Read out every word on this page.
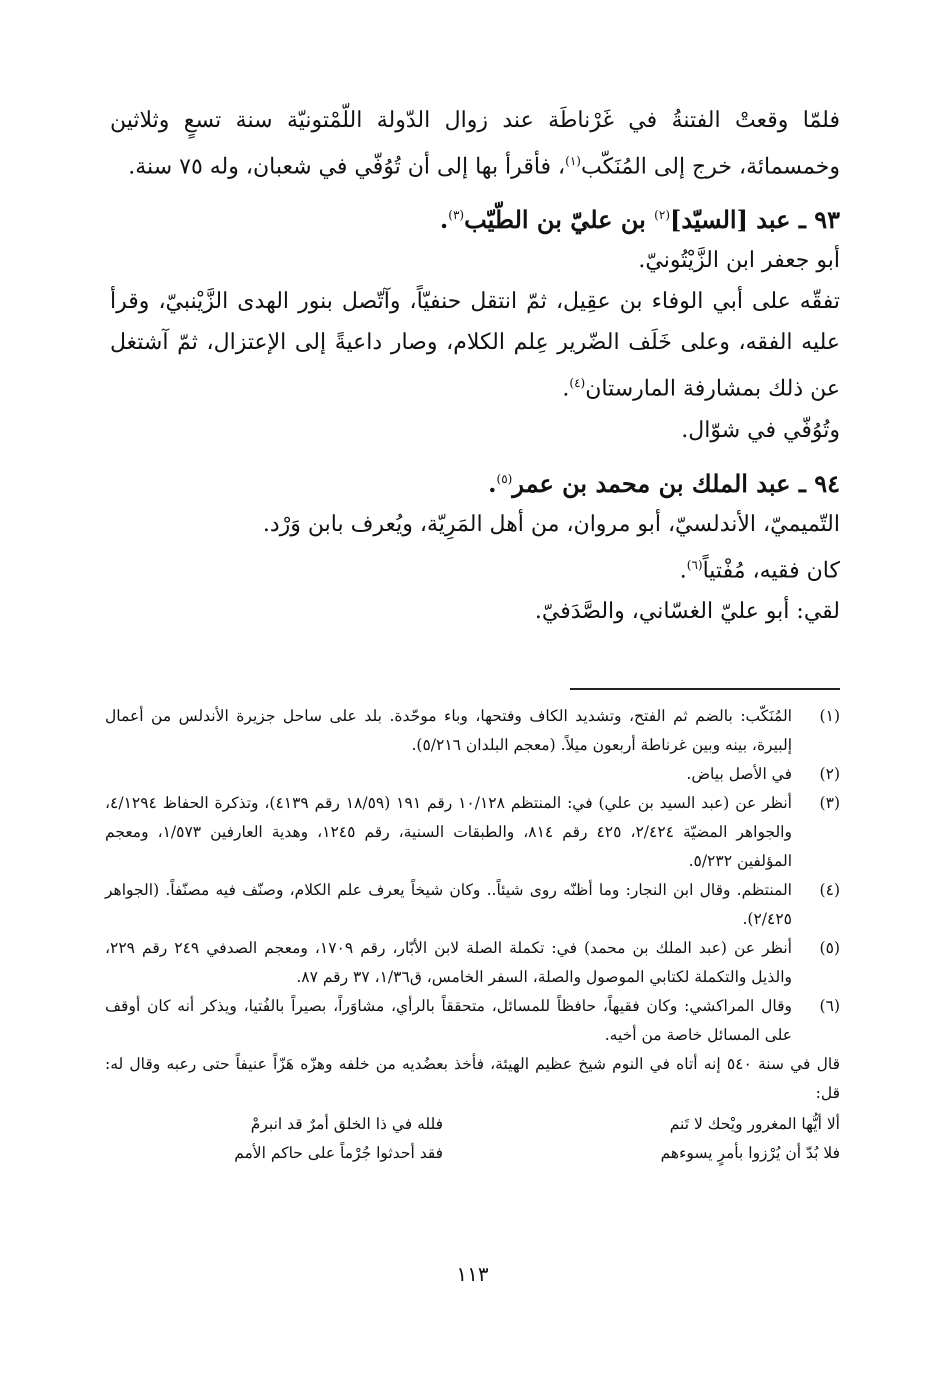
فلمّا وقعتْ الفتنةُ في غَرْناطَة عند زوال الدّولة اللّمْتونيّة سنة تسعٍ وثلاثين وخمسمائة، خرج إلى المُنَكّب$^{(١)}$، فأقرأ بها إلى أن تُوُفّي في شعبان، وله ٧٥ سنة.

٩٣ ـ عبد [السيّد]$^{(٢)}$ بن عليّ بن الطّيّب$^{(٣)}$.

أبو جعفر ابن الزَّيْتُونيّ.

تفقّه على أبي الوفاء بن عقِيل، ثمّ انتقل حنفيّاً، وآتّصل بنور الهدى الزَّيْنبيّ، وقرأ عليه الفقه، وعلى خَلَف الضّرير عِلم الكلام، وصار داعيةً إلى الإعتزال، ثمّ آشتغل عن ذلك بمشارفة المارستان$^{(٤)}$.

وتُوُفّي في شوّال.

٩٤ ـ عبد الملك بن محمد بن عمر$^{(٥)}$.

التّميميّ، الأندلسيّ، أبو مروان، من أهل المَرِيّة، ويُعرف بابن وَرْد.

كان فقيه، مُفْتياً$^{(٦)}$.

لقي: أبو عليّ الغسّاني، والصَّدَفيّ.

(١)
المُنَكّب: بالضم ثم الفتح، وتشديد الكاف وفتحها، وباء موحّدة. بلد على ساحل جزيرة الأندلس من أعمال إلبيرة، بينه وبين غرناطة أربعون ميلاً. (معجم البلدان ٥/٢١٦).
(٢)
في الأصل بياض.
(٣)
أنظر عن (عبد السيد بن علي) في: المنتظم ١٠/١٢٨ رقم ١٩١ (١٨/٥٩ رقم ٤١٣٩)، وتذكرة الحفاظ ٤/١٢٩٤، والجواهر المضيّة ٢/٤٢٤، ٤٢٥ رقم ٨١٤، والطبقات السنية، رقم ١٢٤٥، وهدية العارفين ١/٥٧٣، ومعجم المؤلفين ٥/٢٣٢.
(٤)
المنتظم. وقال ابن النجار: وما أظنّه روى شيئاً.. وكان شيخاً يعرف علم الكلام، وصنّف فيه مصنّفاً. (الجواهر ٢/٤٢٥).
(٥)
أنظر عن (عبد الملك بن محمد) في: تكملة الصلة لابن الأبّار، رقم ١٧٠٩، ومعجم الصدفي ٢٤٩ رقم ٢٢٩، والذيل والتكملة لكتابي الموصول والصلة، السفر الخامس، ق١/٣٦، ٣٧ رقم ٨٧.
(٦)

وقال المراكشي: وكان فقيهاً، حافظاً للمسائل، متحققاً بالرأي، مشاوَراً، بصيراً بالفُتيا، ويذكر أنه كان أوقف على المسائل خاصة من أخيه.

قال في سنة ٥٤٠ إنه أتاه في النوم شيخ عظيم الهيئة، فأخذ بعضُديه من خلفه وهزّه هَزّاً عنيفاً حتى رعبه وقال له: قل:

ألا أيُّها المغرور ويْحك لا تَنم
فلله في ذا الخلق أمرٌ قد انبرمْ
فلا بُدّ أن يُرْزوا بأمرٍ يسوءهم
فقد أحدثوا جُرْماً على حاكم الأمم
١١٣
